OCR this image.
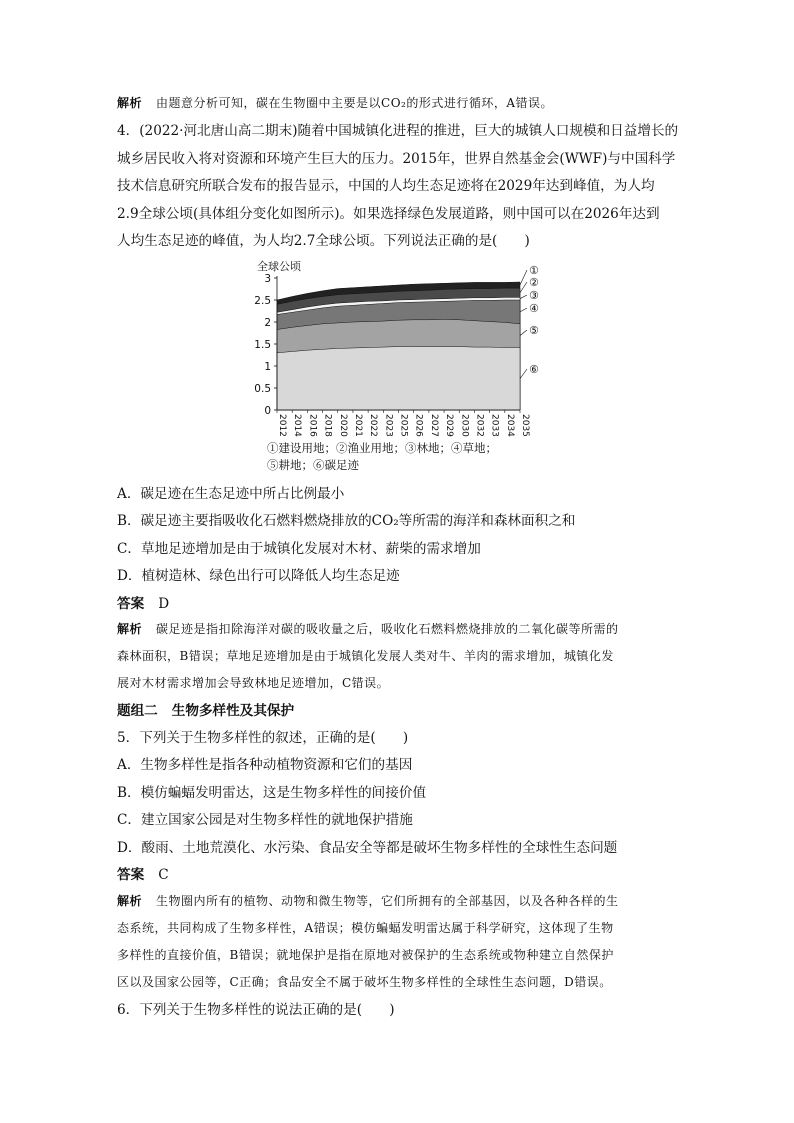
解析 由题意分析可知，碳在生物圈中主要是以CO₂的形式进行循环，A错误。
4．(2022·河北唐山高二期末)随着中国城镇化进程的推进，巨大的城镇人口规模和日益增长的
城乡居民收入将对资源和环境产生巨大的压力。2015年，世界自然基金会(WWF)与中国科学
技术信息研究所联合发布的报告显示，中国的人均生态足迹将在2029年达到峰值，为人均
2.9全球公顷(具体组分变化如图所示)。如果选择绿色发展道路，则中国可以在2026年达到
人均生态足迹的峰值，为人均2.7全球公顷。下列说法正确的是(　　)
全球公顷
0
0.5
1
1.5
2
2.5
3
2012 2014 2016 2018 2020 2021 2022 2023 2025 2026 2027 2029 2030 2032 2033 2034 2035
①
②
③
④
⑤
⑥
①建设用地；②渔业用地；③林地；④草地；
⑤耕地；⑥碳足迹
A．碳足迹在生态足迹中所占比例最小
B．碳足迹主要指吸收化石燃料燃烧排放的CO₂等所需的海洋和森林面积之和
C．草地足迹增加是由于城镇化发展对木材、薪柴的需求增加
D．植树造林、绿色出行可以降低人均生态足迹
答案 D
解析 碳足迹是指扣除海洋对碳的吸收量之后，吸收化石燃料燃烧排放的二氧化碳等所需的
森林面积，B错误；草地足迹增加是由于城镇化发展人类对牛、羊肉的需求增加，城镇化发
展对木材需求增加会导致林地足迹增加，C错误。
题组二 生物多样性及其保护
5．下列关于生物多样性的叙述，正确的是(　　)
A．生物多样性是指各种动植物资源和它们的基因
B．模仿蝙蝠发明雷达，这是生物多样性的间接价值
C．建立国家公园是对生物多样性的就地保护措施
D．酸雨、土地荒漠化、水污染、食品安全等都是破坏生物多样性的全球性生态问题
答案 C
解析 生物圈内所有的植物、动物和微生物等，它们所拥有的全部基因，以及各种各样的生
态系统，共同构成了生物多样性，A错误；模仿蝙蝠发明雷达属于科学研究，这体现了生物
多样性的直接价值，B错误；就地保护是指在原地对被保护的生态系统或物种建立自然保护
区以及国家公园等，C正确；食品安全不属于破坏生物多样性的全球性生态问题，D错误。
6．下列关于生物多样性的说法正确的是(　　)
